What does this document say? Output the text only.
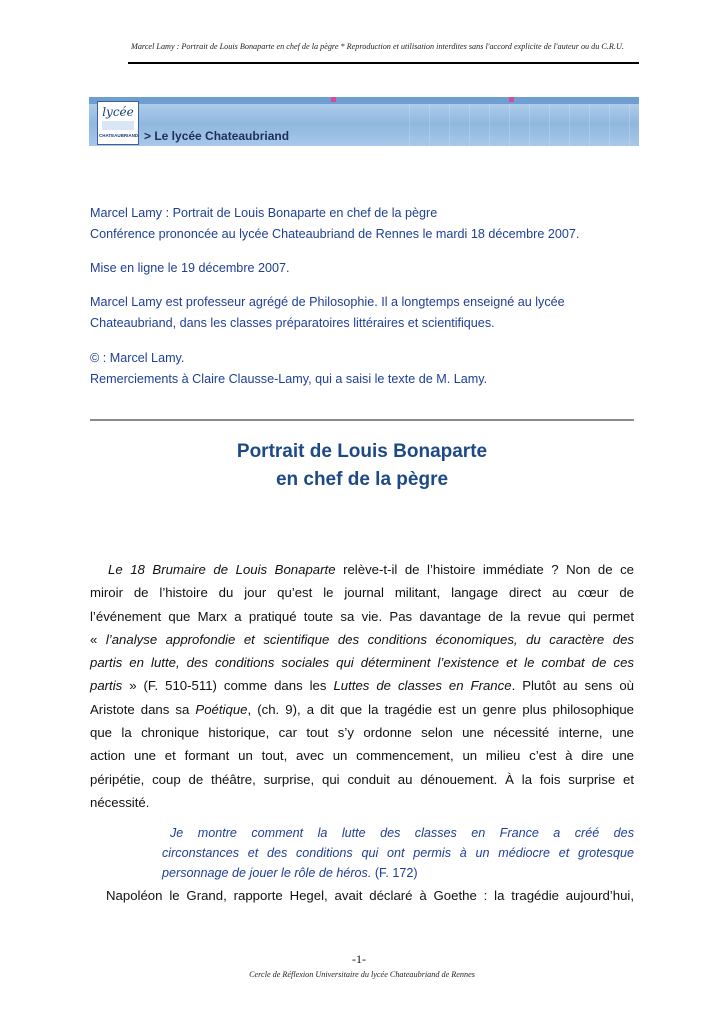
Marcel Lamy : Portrait de Louis Bonaparte en chef de la pègre * Reproduction et utilisation interdites sans l'accord explicite de l'auteur ou du C.R.U.
lycée
CHATEAUBRIAND > Le lycée Chateaubriand

Marcel Lamy : Portrait de Louis Bonaparte en chef de la pègre
Conférence prononcée au lycée Chateaubriand de Rennes le mardi 18 décembre 2007.

Mise en ligne le 19 décembre 2007.

Marcel Lamy est professeur agrégé de Philosophie. Il a longtemps enseigné au lycée
Chateaubriand, dans les classes préparatoires littéraires et scientifiques.

© : Marcel Lamy.
Remerciements à Claire Clausse-Lamy, qui a saisi le texte de M. Lamy.

Portrait de Louis Bonaparte
en chef de la pègre
Le 18 Brumaire de Louis Bonaparte relève-t-il de l’histoire immédiate ? Non de ce
miroir de l’histoire du jour qu’est le journal militant, langage direct au cœur de
l’événement que Marx a pratiqué toute sa vie. Pas davantage de la revue qui permet
« l’analyse approfondie et scientifique des conditions économiques, du caractère des
partis en lutte, des conditions sociales qui déterminent l’existence et le combat de ces
partis » (F. 510-511) comme dans les Luttes de classes en France. Plutôt au sens où
Aristote dans sa Poétique, (ch. 9), a dit que la tragédie est un genre plus philosophique
que la chronique historique, car tout s’y ordonne selon une nécessité interne, une
action une et formant un tout, avec un commencement, un milieu c’est à dire une
péripétie, coup de théâtre, surprise, qui conduit au dénouement. À la fois surprise et
nécessité.
Je montre comment la lutte des classes en France a créé des
circonstances et des conditions qui ont permis à un médiocre et grotesque
personnage de jouer le rôle de héros. (F. 172)
Napoléon le Grand, rapporte Hegel, avait déclaré à Goethe : la tragédie aujourd’hui,
-1-
Cercle de Réflexion Universitaire du lycée Chateaubriand de Rennes
